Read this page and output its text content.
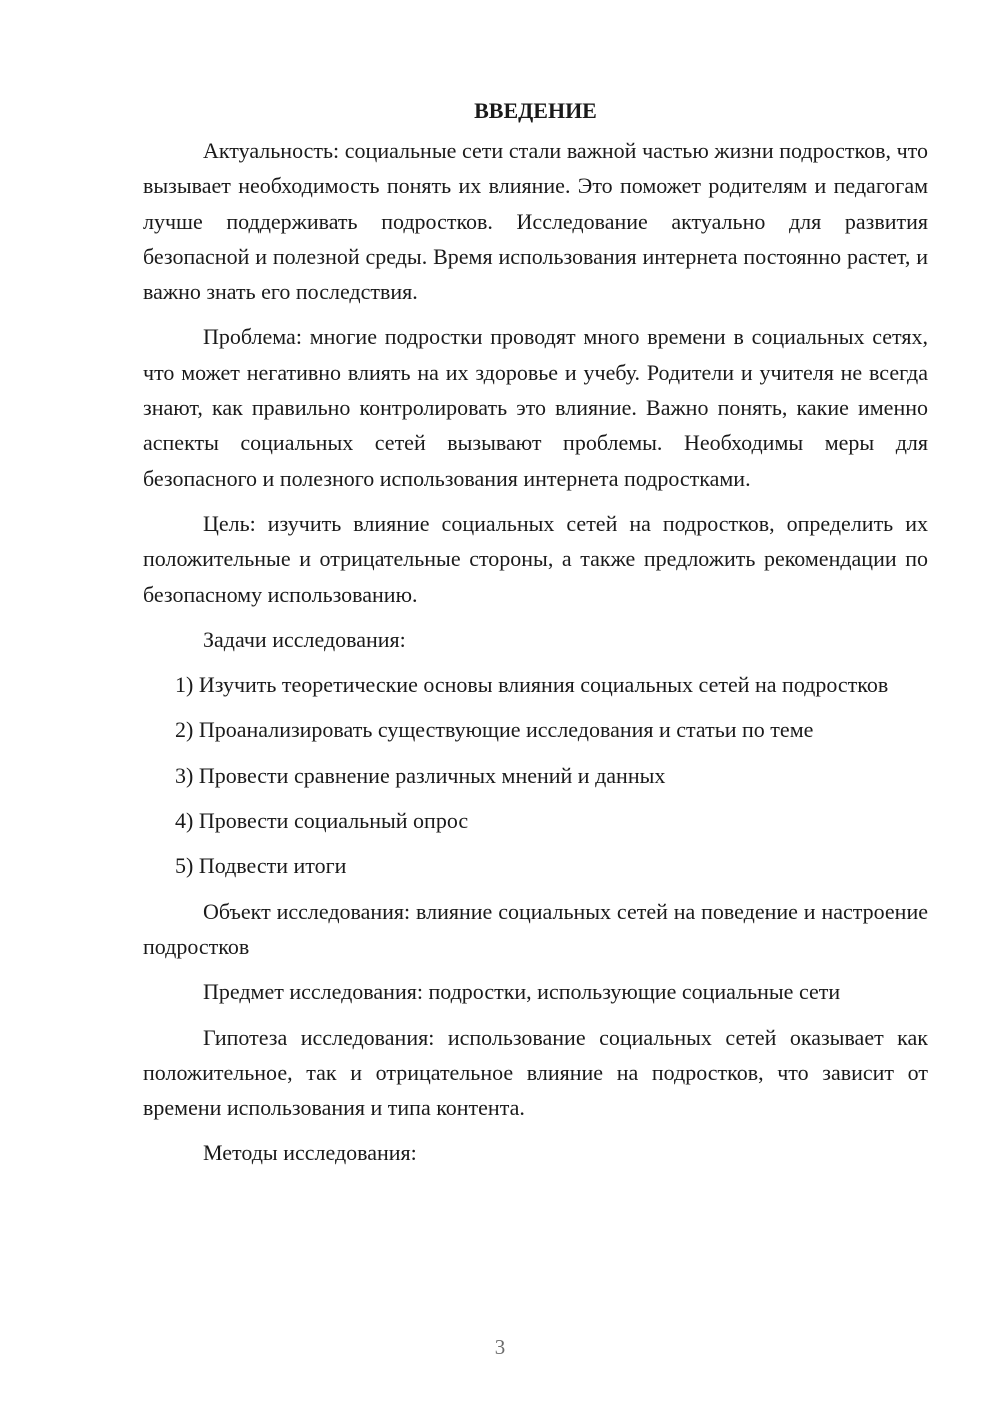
ВВЕДЕНИЕ

Актуальность: социальные сети стали важной частью жизни подростков, что вызывает необходимость понять их влияние. Это поможет родителям и педагогам лучше поддерживать подростков. Исследование актуально для развития безопасной и полезной среды. Время использования интернета постоянно растет, и важно знать его последствия.

Проблема: многие подростки проводят много времени в социальных сетях, что может негативно влиять на их здоровье и учебу. Родители и учителя не всегда знают, как правильно контролировать это влияние. Важно понять, какие именно аспекты социальных сетей вызывают проблемы. Необходимы меры для безопасного и полезного использования интернета подростками.

Цель: изучить влияние социальных сетей на подростков, определить их положительные и отрицательные стороны, а также предложить рекомендации по безопасному использованию.

Задачи исследования:

1) Изучить теоретические основы влияния социальных сетей на подростков

2) Проанализировать существующие исследования и статьи по теме

3) Провести сравнение различных мнений и данных

4) Провести социальный опрос

5) Подвести итоги

Объект исследования: влияние социальных сетей на поведение и настроение подростков

Предмет исследования: подростки, использующие социальные сети

Гипотеза исследования: использование социальных сетей оказывает как положительное, так и отрицательное влияние на подростков, что зависит от времени использования и типа контента.

Методы исследования:

3
